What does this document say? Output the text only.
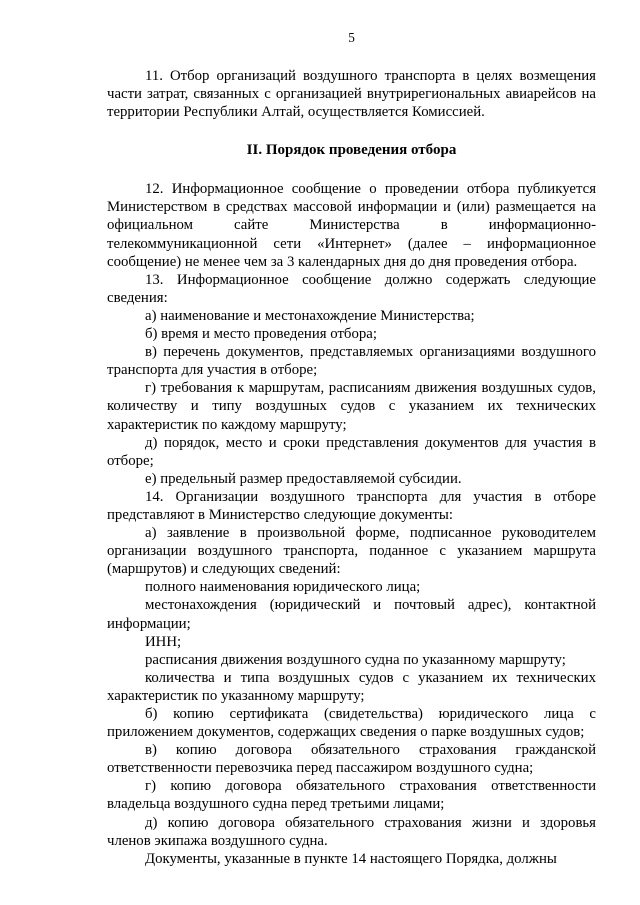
5

11. Отбор организаций воздушного транспорта в целях возмещения части затрат, связанных с организацией внутрирегиональных авиарейсов на территории Республики Алтай, осуществляется Комиссией.

II. Порядок проведения отбора

12. Информационное сообщение о проведении отбора публикуется Министерством в средствах массовой информации и (или) размещается на официальном сайте Министерства в информационно-телекоммуникационной сети «Интернет» (далее – информационное сообщение) не менее чем за 3 календарных дня до дня проведения отбора.

13. Информационное сообщение должно содержать следующие сведения:

а) наименование и местонахождение Министерства;

б) время и место проведения отбора;

в) перечень документов, представляемых организациями воздушного транспорта для участия в отборе;

г) требования к маршрутам, расписаниям движения воздушных судов, количеству и типу воздушных судов с указанием их технических характеристик по каждому маршруту;

д) порядок, место и сроки представления документов для участия в отборе;

е) предельный размер предоставляемой субсидии.

14. Организации воздушного транспорта для участия в отборе представляют в Министерство следующие документы:

а) заявление в произвольной форме, подписанное руководителем организации воздушного транспорта, поданное с указанием маршрута (маршрутов) и следующих сведений:

полного наименования юридического лица;

местонахождения (юридический и почтовый адрес), контактной информации;

ИНН;

расписания движения воздушного судна по указанному маршруту;

количества и типа воздушных судов с указанием их технических характеристик по указанному маршруту;

б) копию сертификата (свидетельства) юридического лица с приложением документов, содержащих сведения о парке воздушных судов;

в) копию договора обязательного страхования гражданской ответственности перевозчика перед пассажиром воздушного судна;

г) копию договора обязательного страхования ответственности владельца воздушного судна перед третьими лицами;

д) копию договора обязательного страхования жизни и здоровья членов экипажа воздушного судна.

Документы, указанные в пункте 14 настоящего Порядка, должны
